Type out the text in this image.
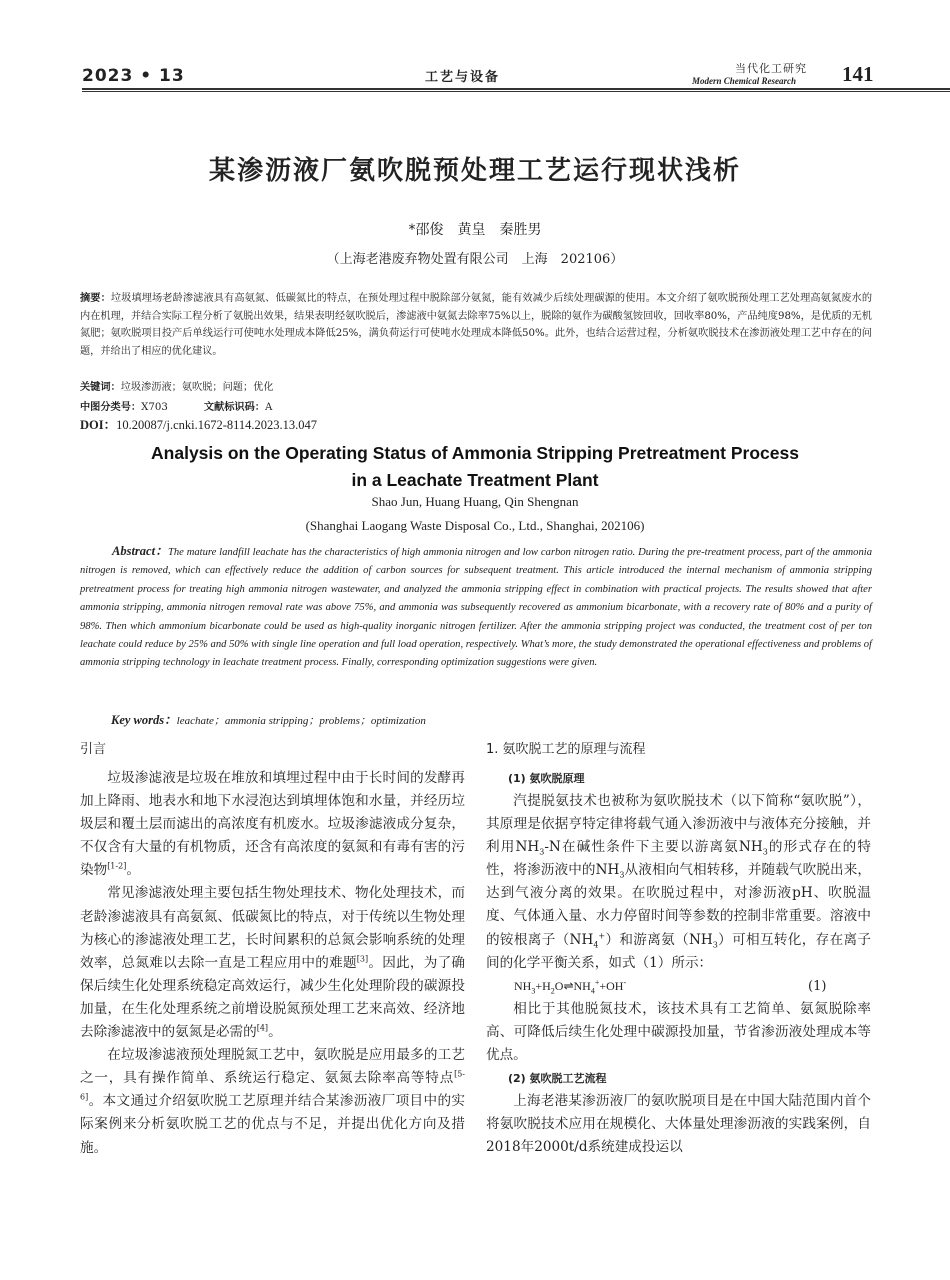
2023 • 13	工艺与设备
当代化工研究
Modern Chemical Research 141
某渗沥液厂氨吹脱预处理工艺运行现状浅析
*邵俊　黄皇　秦胜男
（上海老港废弃物处置有限公司　上海　202106）
摘要：垃圾填埋场老龄渗滤液具有高氨氮、低碳氮比的特点，在预处理过程中脱除部分氨氮，能有效减少后续处理碳源的使用。本文介绍了氨吹脱预处理工艺处理高氨氮废水的内在机理，并结合实际工程分析了氨脱出效果，结果表明经氨吹脱后，渗滤液中氨氮去除率75%以上，脱除的氨作为碳酸氢铵回收，回收率80%，产品纯度98%，是优质的无机氮肥；氨吹脱项目投产后单线运行可使吨水处理成本降低25%，满负荷运行可使吨水处理成本降低50%。此外，也结合运营过程，分析氨吹脱技术在渗沥液处理工艺中存在的问题，并给出了相应的优化建议。
关键词：垃圾渗沥液；氨吹脱；问题；优化
中图分类号：X703	文献标识码：A
DOI：10.20087/j.cnki.1672-8114.2023.13.047
Analysis on the Operating Status of Ammonia Stripping Pretreatment Process
in a Leachate Treatment Plant
Shao Jun, Huang Huang, Qin Shengnan
(Shanghai Laogang Waste Disposal Co., Ltd., Shanghai, 202106)
Abstract：The mature landfill leachate has the characteristics of high ammonia nitrogen and low carbon nitrogen ratio. During the pre-treatment process, part of the ammonia nitrogen is removed, which can effectively reduce the addition of carbon sources for subsequent treatment. This article introduced the internal mechanism of ammonia stripping pretreatment process for treating high ammonia nitrogen wastewater, and analyzed the ammonia stripping effect in combination with practical projects. The results showed that after ammonia stripping, ammonia nitrogen removal rate was above 75%, and ammonia was subsequently recovered as ammonium bicarbonate, with a recovery rate of 80% and a purity of 98%. Then which ammonium bicarbonate could be used as high-quality inorganic nitrogen fertilizer. After the ammonia stripping project was conducted, the treatment cost of per ton leachate could reduce by 25% and 50% with single line operation and full load operation, respectively. What’s more, the study demonstrated the operational effectiveness and problems of ammonia stripping technology in leachate treatment process. Finally, corresponding optimization suggestions were given.
Key words：leachate；ammonia stripping；problems；optimization
引言

垃圾渗滤液是垃圾在堆放和填埋过程中由于长时间的发酵再加上降雨、地表水和地下水浸泡达到填埋体饱和水量，并经历垃圾层和覆土层而滤出的高浓度有机废水。垃圾渗滤液成分复杂，不仅含有大量的有机物质，还含有高浓度的氨氮和有毒有害的污染物[1-2]。

常见渗滤液处理主要包括生物处理技术、物化处理技术，而老龄渗滤液具有高氨氮、低碳氮比的特点，对于传统以生物处理为核心的渗滤液处理工艺，长时间累积的总氮会影响系统的处理效率，总氮难以去除一直是工程应用中的难题[3]。因此，为了确保后续生化处理系统稳定高效运行，减少生化处理阶段的碳源投加量，在生化处理系统之前增设脱氮预处理工艺来高效、经济地去除渗滤液中的氨氮是必需的[4]。

在垃圾渗滤液预处理脱氮工艺中，氨吹脱是应用最多的工艺之一，具有操作简单、系统运行稳定、氨氮去除率高等特点[5-6]。本文通过介绍氨吹脱工艺原理并结合某渗沥液厂项目中的实际案例来分析氨吹脱工艺的优点与不足，并提出优化方向及措施。

1. 氨吹脱工艺的原理与流程
(1) 氨吹脱原理

汽提脱氨技术也被称为氨吹脱技术（以下简称“氨吹脱”），其原理是依据亨特定律将载气通入渗沥液中与液体充分接触，并利用$NH_3-N$在碱性条件下主要以游离氨$NH_3$的形式存在的特性，将渗沥液中的$NH_3$从液相向气相转移，并随载气吹脱出来，达到气液分离的效果。在吹脱过程中，对渗沥液pH、吹脱温度、气体通入量、水力停留时间等参数的控制非常重要。溶液中的铵根离子$(NH_4^+)$和游离氨$(NH_3)$可相互转化，存在离子间的化学平衡关系，如式（1）所示：

$NH_3+H_2O\rightleftharpoons NH_4^++OH^-$	(1)

相比于其他脱氮技术，该技术具有工艺简单、氨氮脱除率高、可降低后续生化处理中碳源投加量，节省渗沥液处理成本等优点。

(2) 氨吹脱工艺流程

上海老港某渗沥液厂的氨吹脱项目是在中国大陆范围内首个将氨吹脱技术应用在规模化、大体量处理渗沥液的实践案例，自2018年2000t/d系统建成投运以
